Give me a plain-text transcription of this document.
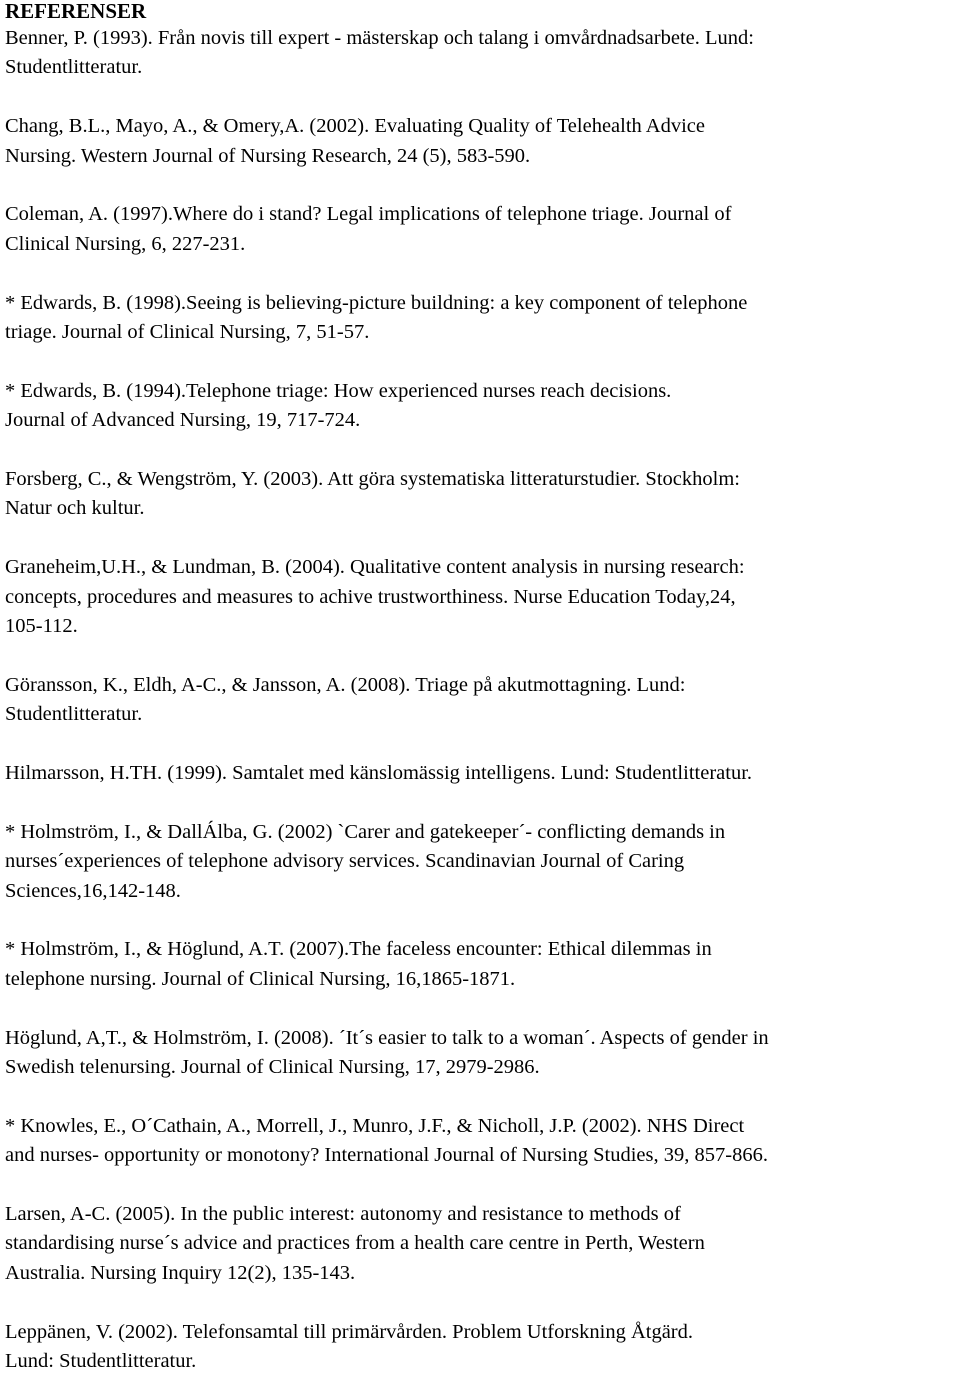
REFERENSER

Benner, P. (1993). Från novis till expert - mästerskap och talang i omvårdnadsarbete. Lund:
Studentlitteratur.

Chang, B.L., Mayo, A., & Omery,A. (2002). Evaluating Quality of Telehealth Advice
Nursing. Western Journal of Nursing Research, 24 (5), 583-590.

Coleman, A. (1997).Where do i stand? Legal implications of telephone triage. Journal of
Clinical Nursing, 6, 227-231.

* Edwards, B. (1998).Seeing is believing-picture buildning: a key component of telephone
triage. Journal of Clinical Nursing, 7, 51-57.

* Edwards, B. (1994).Telephone triage: How experienced nurses reach decisions.
Journal of Advanced Nursing, 19, 717-724.

Forsberg, C., & Wengström, Y. (2003). Att göra systematiska litteraturstudier. Stockholm:
Natur och kultur.

Graneheim,U.H., & Lundman, B. (2004). Qualitative content analysis in nursing research:
concepts, procedures and measures to achive trustworthiness. Nurse Education Today,24,
105-112.

Göransson, K., Eldh, A-C., & Jansson, A. (2008). Triage på akutmottagning. Lund:
Studentlitteratur.

Hilmarsson, H.TH. (1999). Samtalet med känslomässig intelligens. Lund: Studentlitteratur.

* Holmström, I., & DallÁlba, G. (2002) `Carer and gatekeeper´- conflicting demands in
nurses´experiences of telephone advisory services. Scandinavian Journal of Caring
Sciences,16,142-148.

* Holmström, I., & Höglund, A.T. (2007).The faceless encounter: Ethical dilemmas in
telephone nursing. Journal of Clinical Nursing, 16,1865-1871.

Höglund, A,T., & Holmström, I. (2008). ´It´s easier to talk to a woman´. Aspects of gender in
Swedish telenursing. Journal of Clinical Nursing, 17, 2979-2986.

* Knowles, E., O´Cathain, A., Morrell, J., Munro, J.F., & Nicholl, J.P. (2002). NHS Direct
and nurses- opportunity or monotony? International Journal of Nursing Studies, 39, 857-866.

Larsen, A-C. (2005). In the public interest: autonomy and resistance to methods of
standardising nurse´s advice and practices from a health care centre in Perth, Western
Australia. Nursing Inquiry 12(2), 135-143.

Leppänen, V. (2002). Telefonsamtal till primärvården. Problem Utforskning Åtgärd.
Lund: Studentlitteratur.
